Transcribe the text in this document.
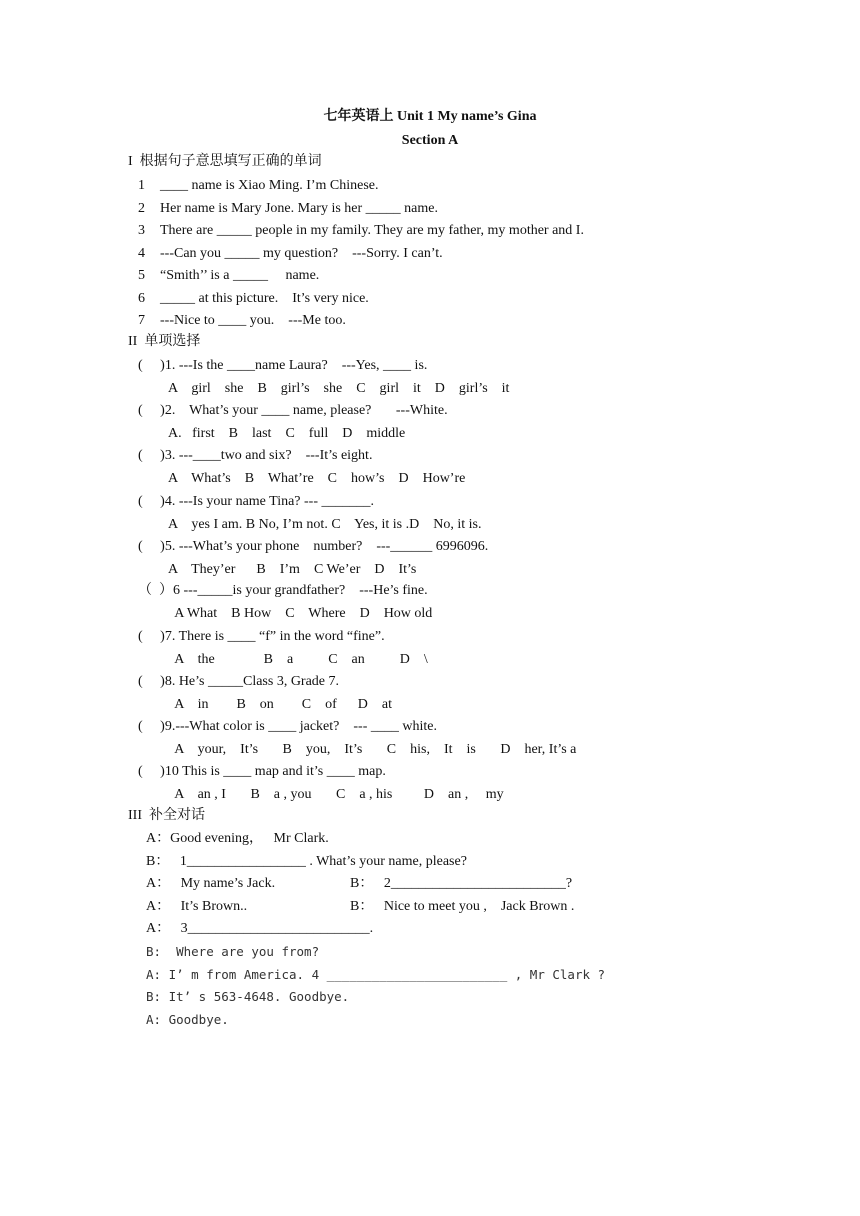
七年英语上 Unit 1 My name’s Gina
Section A
I  根据句子意思填写正确的单词
1 ____ name is Xiao Ming. I’m Chinese.
2 Her name is Mary Jone. Mary is her _____ name.
3 There are _____ people in my family. They are my father, my mother and I.
4 ---Can you _____ my question?    ---Sorry. I can’t.
5 “Smith’’ is a _____     name.
6 _____ at this picture.    It’s very nice.
7 ---Nice to ____ you.    ---Me too.
II  单项选择
(     )1. ---Is the ____name Laura?    ---Yes, ____ is.
A    girl    she    B    girl’s    she    C    girl    it    D    girl’s    it
(     )2.    What’s your ____ name, please?       ---White.
A.   first    B    last    C    full    D    middle
(     )3. ---____two and six?    ---It’s eight.
A    What’s    B    What’re    C    how’s    D    How’re
(     )4. ---Is your name Tina? --- _______.
A    yes I am. B No, I’m not. C    Yes, it is .D    No, it is.
(     )5. ---What’s your phone    number?    ---______ 6996096.
A    They’er      B    I’m    C We’er    D    It’s
（  ）6 ---_____is your grandfather?    ---He’s fine.
A What    B How    C    Where    D    How old
(     )7. There is ____ “f” in the word “fine”.
A    the              B    a          C    an          D    \
(     )8. He’s _____Class 3, Grade 7.
A    in        B    on        C    of      D    at
(     )9.---What color is ____ jacket?    --- ____ white.
A    your,    It’s       B    you,    It’s       C    his,    It    is       D    her, It’s a
(     )10 This is ____ map and it’s ____ map.
A    an , I       B    a , you       C    a , his         D    an ,     my
III  补全对话
A：Good evening，   Mr Clark.
B：   1_________________ . What’s your name, please?
A：   My name’s Jack.	B：   2_________________________?
A：   It’s Brown..	B：   Nice to meet you ,    Jack Brown .
A：   3__________________________.
B:  Where are you from?
A: I’ m from America. 4 ________________________ , Mr Clark ?
B: It’ s 563-4648. Goodbye.
A: Goodbye.
